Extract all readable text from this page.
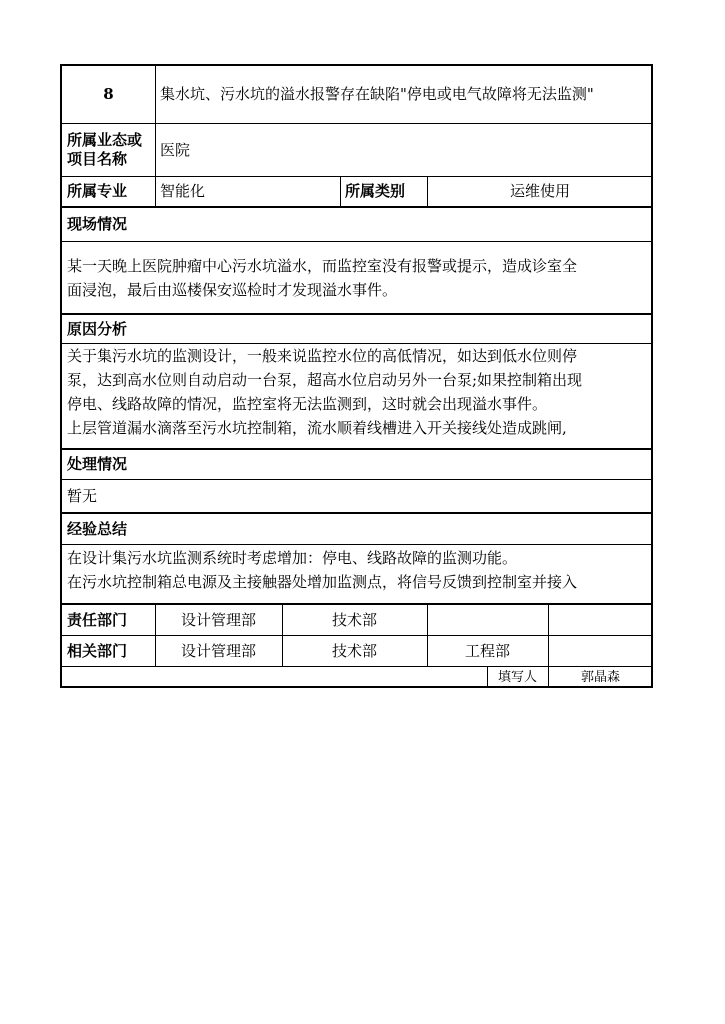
8	集水坑、污水坑的溢水报警存在缺陷"停电或电气故障将无法监测"
所属业态或
项目名称
医院
所属专业	智能化	所属类别	运维使用
现场情况
某一天晚上医院肿瘤中心污水坑溢水，而监控室没有报警或提示，造成诊室全
面浸泡，最后由巡楼保安巡检时才发现溢水事件。
原因分析
关于集污水坑的监测设计，一般来说监控水位的高低情况，如达到低水位则停
泵，达到高水位则自动启动一台泵，超高水位启动另外一台泵;如果控制箱出现
停电、线路故障的情况，监控室将无法监测到，这时就会出现溢水事件。
上层管道漏水滴落至污水坑控制箱，流水顺着线槽进入开关接线处造成跳闸,
处理情况
暂无
经验总结
在设计集污水坑监测系统时考虑增加：停电、线路故障的监测功能。
在污水坑控制箱总电源及主接触器处增加监测点，将信号反馈到控制室并接入
责任部门	设计管理部	技术部
相关部门	设计管理部	技术部	工程部
填写人	郭晶森
